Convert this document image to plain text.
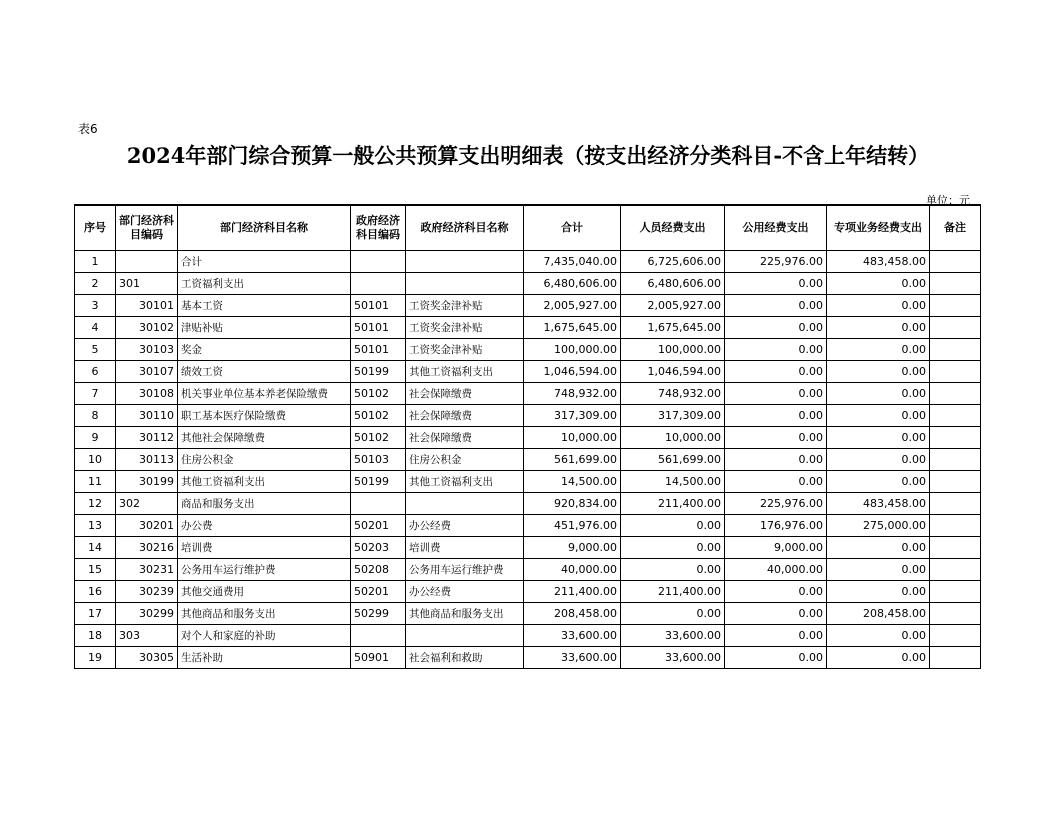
表6
2024年部门综合预算一般公共预算支出明细表（按支出经济分类科目-不含上年结转）
单位：元
序号	部门经济科目编码	部门经济科目名称	政府经济科目编码	政府经济科目名称	合计	人员经费支出	公用经费支出	专项业务经费支出	备注
1		合计			7,435,040.00	6,725,606.00	225,976.00	483,458.00	
2	301	工资福利支出			6,480,606.00	6,480,606.00	0.00	0.00	
3	30101	基本工资	50101	工资奖金津补贴	2,005,927.00	2,005,927.00	0.00	0.00	
4	30102	津贴补贴	50101	工资奖金津补贴	1,675,645.00	1,675,645.00	0.00	0.00	
5	30103	奖金	50101	工资奖金津补贴	100,000.00	100,000.00	0.00	0.00	
6	30107	绩效工资	50199	其他工资福利支出	1,046,594.00	1,046,594.00	0.00	0.00	
7	30108	机关事业单位基本养老保险缴费	50102	社会保障缴费	748,932.00	748,932.00	0.00	0.00	
8	30110	职工基本医疗保险缴费	50102	社会保障缴费	317,309.00	317,309.00	0.00	0.00	
9	30112	其他社会保障缴费	50102	社会保障缴费	10,000.00	10,000.00	0.00	0.00	
10	30113	住房公积金	50103	住房公积金	561,699.00	561,699.00	0.00	0.00	
11	30199	其他工资福利支出	50199	其他工资福利支出	14,500.00	14,500.00	0.00	0.00	
12	302	商品和服务支出			920,834.00	211,400.00	225,976.00	483,458.00	
13	30201	办公费	50201	办公经费	451,976.00	0.00	176,976.00	275,000.00	
14	30216	培训费	50203	培训费	9,000.00	0.00	9,000.00	0.00	
15	30231	公务用车运行维护费	50208	公务用车运行维护费	40,000.00	0.00	40,000.00	0.00	
16	30239	其他交通费用	50201	办公经费	211,400.00	211,400.00	0.00	0.00	
17	30299	其他商品和服务支出	50299	其他商品和服务支出	208,458.00	0.00	0.00	208,458.00	
18	303	对个人和家庭的补助			33,600.00	33,600.00	0.00	0.00	
19	30305	生活补助	50901	社会福利和救助	33,600.00	33,600.00	0.00	0.00	
